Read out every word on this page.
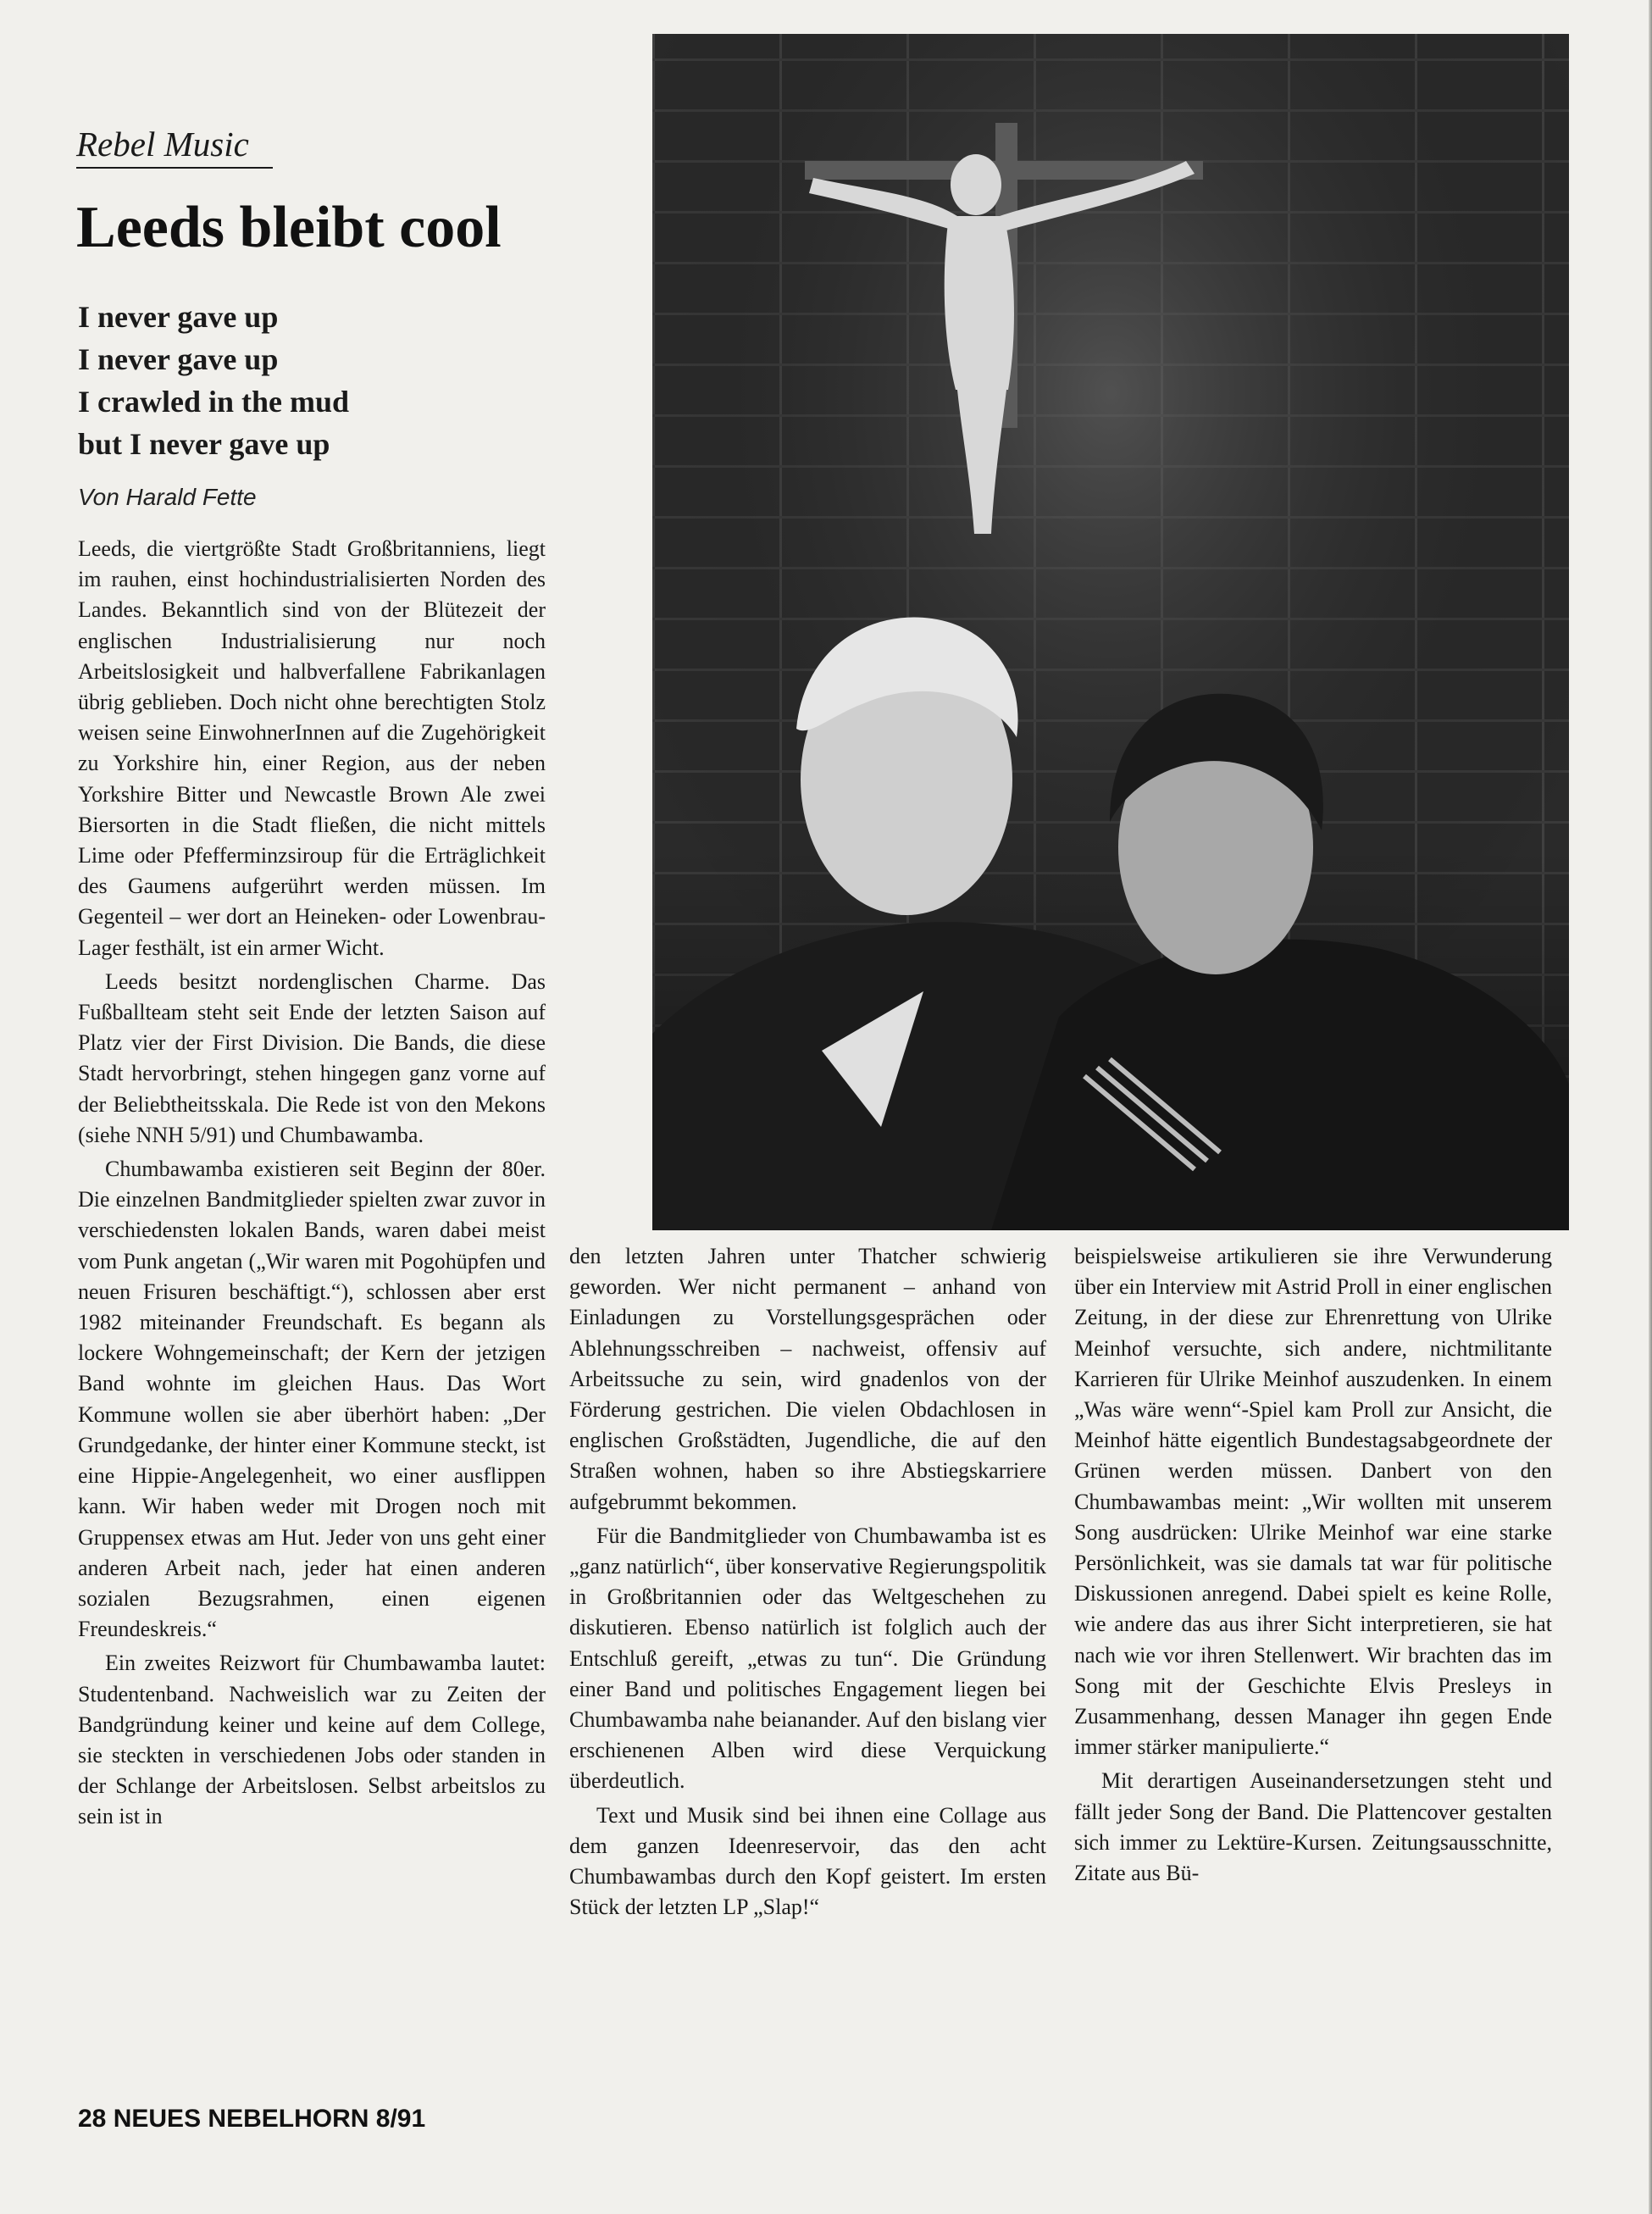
Rebel Music
Leeds bleibt cool
I never gave up
I never gave up
I crawled in the mud
but I never gave up
Von Harald Fette

Leeds, die viertgrößte Stadt Großbritanniens, liegt im rauhen, einst hochindustrialisierten Norden des Landes. Bekanntlich sind von der Blütezeit der englischen Industrialisierung nur noch Arbeitslosigkeit und halbverfallene Fabrikanlagen übrig geblieben. Doch nicht ohne berechtigten Stolz weisen seine EinwohnerInnen auf die Zugehörigkeit zu Yorkshire hin, einer Region, aus der neben Yorkshire Bitter und Newcastle Brown Ale zwei Biersorten in die Stadt fließen, die nicht mittels Lime oder Pfefferminzsiroup für die Erträglichkeit des Gaumens aufgerührt werden müssen. Im Gegenteil – wer dort an Heineken- oder Lowenbrau-Lager festhält, ist ein armer Wicht.

Leeds besitzt nordenglischen Charme. Das Fußballteam steht seit Ende der letzten Saison auf Platz vier der First Division. Die Bands, die diese Stadt hervorbringt, stehen hingegen ganz vorne auf der Beliebtheitsskala. Die Rede ist von den Mekons (siehe NNH 5/91) und Chumbawamba.

Chumbawamba existieren seit Beginn der 80er. Die einzelnen Bandmitglieder spielten zwar zuvor in verschiedensten lokalen Bands, waren dabei meist vom Punk angetan („Wir waren mit Pogohüpfen und neuen Frisuren beschäftigt.“), schlossen aber erst 1982 miteinander Freundschaft. Es begann als lockere Wohngemeinschaft; der Kern der jetzigen Band wohnte im gleichen Haus. Das Wort Kommune wollen sie aber überhört haben: „Der Grundgedanke, der hinter einer Kommune steckt, ist eine Hippie-Angelegenheit, wo einer ausflippen kann. Wir haben weder mit Drogen noch mit Gruppensex etwas am Hut. Jeder von uns geht einer anderen Arbeit nach, jeder hat einen anderen sozialen Bezugsrahmen, einen eigenen Freundeskreis.“

Ein zweites Reizwort für Chumbawamba lautet: Studentenband. Nachweislich war zu Zeiten der Bandgründung keiner und keine auf dem College, sie steckten in verschiedenen Jobs oder standen in der Schlange der Arbeitslosen. Selbst arbeitslos zu sein ist in

den letzten Jahren unter Thatcher schwierig geworden. Wer nicht permanent – anhand von Einladungen zu Vorstellungsgesprächen oder Ablehnungsschreiben – nachweist, offensiv auf Arbeitssuche zu sein, wird gnadenlos von der Förderung gestrichen. Die vielen Obdachlosen in englischen Großstädten, Jugendliche, die auf den Straßen wohnen, haben so ihre Abstiegskarriere aufgebrummt bekommen.

Für die Bandmitglieder von Chumbawamba ist es „ganz natürlich“, über konservative Regierungspolitik in Großbritannien oder das Weltgeschehen zu diskutieren. Ebenso natürlich ist folglich auch der Entschluß gereift, „etwas zu tun“. Die Gründung einer Band und politisches Engagement liegen bei Chumbawamba nahe beianander. Auf den bislang vier erschienenen Alben wird diese Verquickung überdeutlich.

Text und Musik sind bei ihnen eine Collage aus dem ganzen Ideenreservoir, das den acht Chumbawambas durch den Kopf geistert. Im ersten Stück der letzten LP „Slap!“

beispielsweise artikulieren sie ihre Verwunderung über ein Interview mit Astrid Proll in einer englischen Zeitung, in der diese zur Ehrenrettung von Ulrike Meinhof versuchte, sich andere, nichtmilitante Karrieren für Ulrike Meinhof auszudenken. In einem „Was wäre wenn“-Spiel kam Proll zur Ansicht, die Meinhof hätte eigentlich Bundestagsabgeordnete der Grünen werden müssen. Danbert von den Chumbawambas meint: „Wir wollten mit unserem Song ausdrücken: Ulrike Meinhof war eine starke Persönlichkeit, was sie damals tat war für politische Diskussionen anregend. Dabei spielt es keine Rolle, wie andere das aus ihrer Sicht interpretieren, sie hat nach wie vor ihren Stellenwert. Wir brachten das im Song mit der Geschichte Elvis Presleys in Zusammenhang, dessen Manager ihn gegen Ende immer stärker manipulierte.“

Mit derartigen Auseinandersetzungen steht und fällt jeder Song der Band. Die Plattencover gestalten sich immer zu Lektüre-Kursen. Zeitungsausschnitte, Zitate aus Bü-

28 NEUES NEBELHORN 8/91
